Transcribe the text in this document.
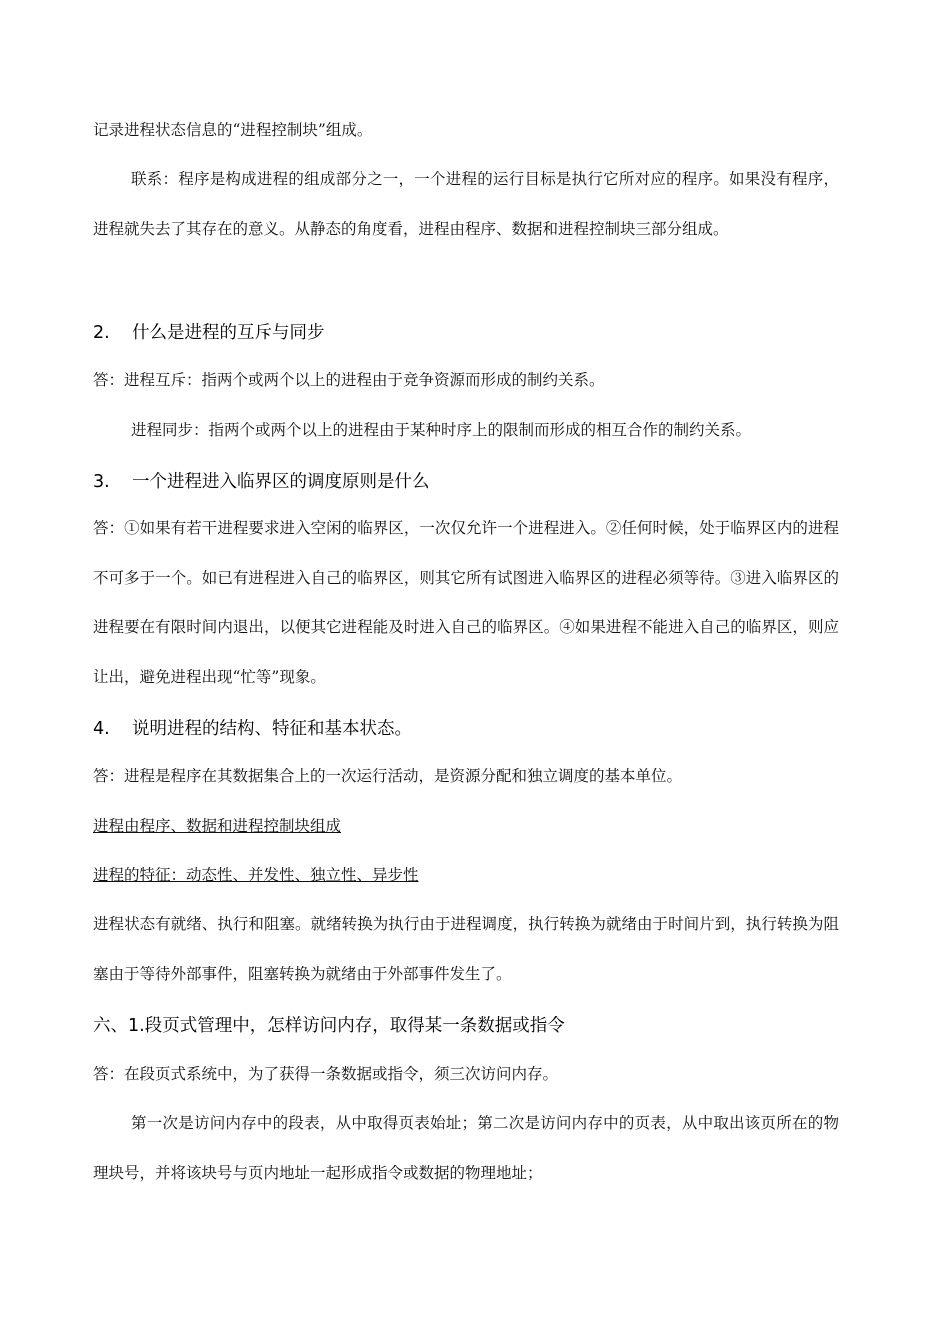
记录进程状态信息的“进程控制块”组成。

联系：程序是构成进程的组成部分之一，一个进程的运行目标是执行它所对应的程序。如果没有程序，进程就失去了其存在的意义。从静态的角度看，进程由程序、数据和进程控制块三部分组成。

2. 什么是进程的互斥与同步

答：进程互斥：指两个或两个以上的进程由于竞争资源而形成的制约关系。

进程同步：指两个或两个以上的进程由于某种时序上的限制而形成的相互合作的制约关系。

3. 一个进程进入临界区的调度原则是什么

答：①如果有若干进程要求进入空闲的临界区，一次仅允许一个进程进入。②任何时候，处于临界区内的进程不可多于一个。如已有进程进入自己的临界区，则其它所有试图进入临界区的进程必须等待。③进入临界区的进程要在有限时间内退出，以便其它进程能及时进入自己的临界区。④如果进程不能进入自己的临界区，则应让出，避免进程出现“忙等”现象。

4. 说明进程的结构、特征和基本状态。

答：进程是程序在其数据集合上的一次运行活动，是资源分配和独立调度的基本单位。

进程由程序、数据和进程控制块组成

进程的特征：动态性、并发性、独立性、异步性

进程状态有就绪、执行和阻塞。就绪转换为执行由于进程调度，执行转换为就绪由于时间片到，执行转换为阻塞由于等待外部事件，阻塞转换为就绪由于外部事件发生了。

六、1.段页式管理中，怎样访问内存，取得某一条数据或指令

答：在段页式系统中，为了获得一条数据或指令，须三次访问内存。

第一次是访问内存中的段表，从中取得页表始址；第二次是访问内存中的页表，从中取出该页所在的物理块号，并将该块号与页内地址一起形成指令或数据的物理地址；
